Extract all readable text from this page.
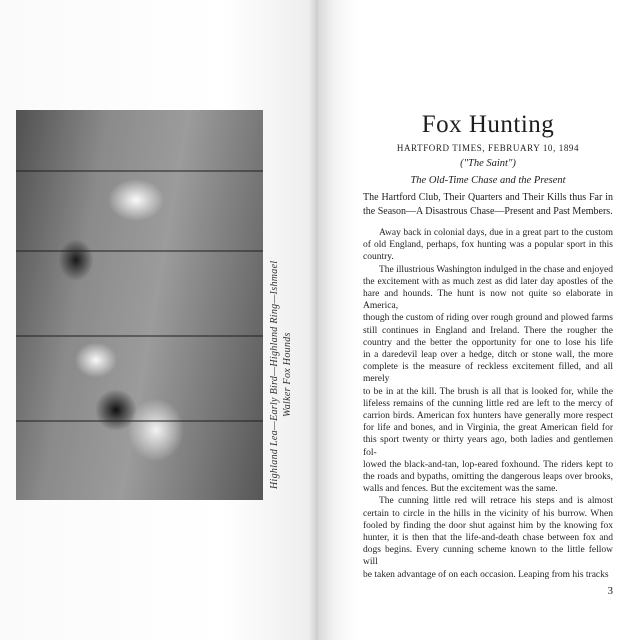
Highland Lea—Early Bird—Highland Ring—Ishmael Walker Fox Hounds
Fox Hunting
HARTFORD TIMES, FEBRUARY 10, 1894
("The Saint")
The Old-Time Chase and the Present
The Hartford Club, Their Quarters and Their Kills thus Far in
the Season—A Disastrous Chase—Present and Past Members.
Away back in colonial days, due in a great part to the custom
of old England, perhaps, fox hunting was a popular sport in this
country.
The illustrious Washington indulged in the chase and enjoyed
the excitement with as much zest as did later day apostles of the
hare and hounds. The hunt is now not quite so elaborate in America,
though the custom of riding over rough ground and plowed farms
still continues in England and Ireland. There the rougher the
country and the better the opportunity for one to lose his life
in a daredevil leap over a hedge, ditch or stone wall, the more
complete is the measure of reckless excitement filled, and all merely
to be in at the kill. The brush is all that is looked for, while the
lifeless remains of the cunning little red are left to the mercy of
carrion birds. American fox hunters have generally more respect
for life and bones, and in Virginia, the great American field for
this sport twenty or thirty years ago, both ladies and gentlemen fol-
lowed the black-and-tan, lop-eared foxhound. The riders kept to
the roads and bypaths, omitting the dangerous leaps over brooks,
walls and fences. But the excitement was the same.
The cunning little red will retrace his steps and is almost
certain to circle in the hills in the vicinity of his burrow. When
fooled by finding the door shut against him by the knowing fox
hunter, it is then that the life-and-death chase between fox and
dogs begins. Every cunning scheme known to the little fellow will
be taken advantage of on each occasion. Leaping from his tracks
3
